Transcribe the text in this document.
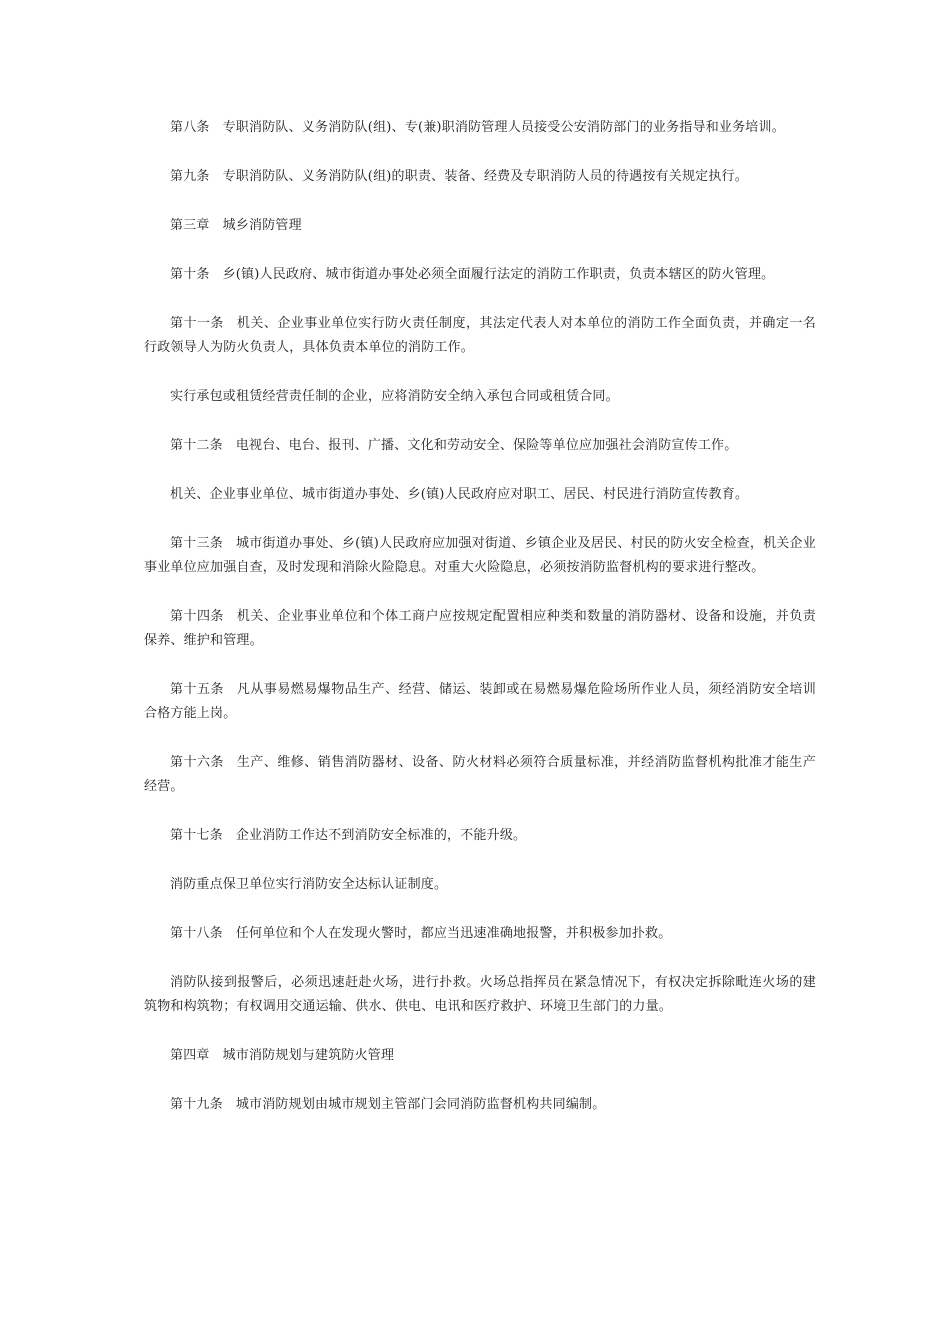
第八条 专职消防队、义务消防队(组)、专(兼)职消防管理人员接受公安消防部门的业务指导和业务培训。

第九条 专职消防队、义务消防队(组)的职责、装备、经费及专职消防人员的待遇按有关规定执行。

第三章 城乡消防管理

第十条 乡(镇)人民政府、城市街道办事处必须全面履行法定的消防工作职责，负责本辖区的防火管理。

第十一条 机关、企业事业单位实行防火责任制度，其法定代表人对本单位的消防工作全面负责，并确定一名行政领导人为防火负责人，具体负责本单位的消防工作。

实行承包或租赁经营责任制的企业，应将消防安全纳入承包合同或租赁合同。

第十二条 电视台、电台、报刊、广播、文化和劳动安全、保险等单位应加强社会消防宣传工作。

机关、企业事业单位、城市街道办事处、乡(镇)人民政府应对职工、居民、村民进行消防宣传教育。

第十三条 城市街道办事处、乡(镇)人民政府应加强对街道、乡镇企业及居民、村民的防火安全检查，机关企业事业单位应加强自查，及时发现和消除火险隐息。对重大火险隐息，必须按消防监督机构的要求进行整改。

第十四条 机关、企业事业单位和个体工商户应按规定配置相应种类和数量的消防器材、设备和设施，并负责保养、维护和管理。

第十五条 凡从事易燃易爆物品生产、经营、储运、装卸或在易燃易爆危险场所作业人员，须经消防安全培训合格方能上岗。

第十六条 生产、维修、销售消防器材、设备、防火材料必须符合质量标准，并经消防监督机构批准才能生产经营。

第十七条 企业消防工作达不到消防安全标准的，不能升级。

消防重点保卫单位实行消防安全达标认证制度。

第十八条 任何单位和个人在发现火警时，都应当迅速准确地报警，并积极参加扑救。

消防队接到报警后，必须迅速赶赴火场，进行扑救。火场总指挥员在紧急情况下，有权决定拆除毗连火场的建筑物和构筑物；有权调用交通运输、供水、供电、电讯和医疗救护、环境卫生部门的力量。

第四章 城市消防规划与建筑防火管理

第十九条 城市消防规划由城市规划主管部门会同消防监督机构共同编制。
